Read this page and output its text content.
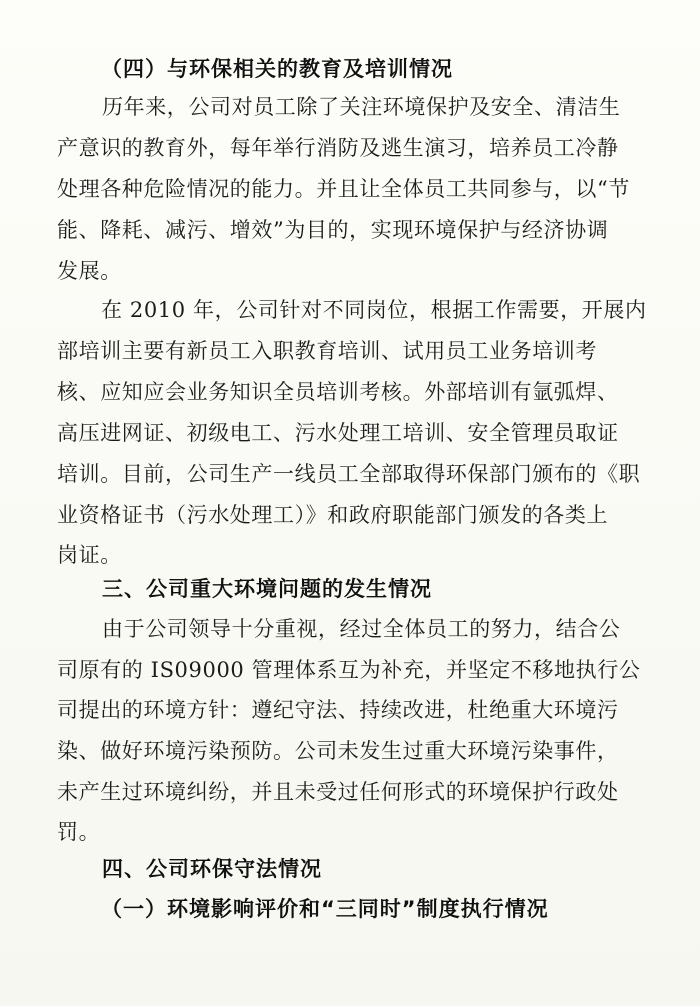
（四）与环保相关的教育及培训情况
历年来，公司对员工除了关注环境保护及安全、清洁生
产意识的教育外，每年举行消防及逃生演习，培养员工冷静
处理各种危险情况的能力。并且让全体员工共同参与，以“节
能、降耗、减污、增效”为目的，实现环境保护与经济协调
发展。
在 2010 年，公司针对不同岗位，根据工作需要，开展内
部培训主要有新员工入职教育培训、试用员工业务培训考
核、应知应会业务知识全员培训考核。外部培训有氩弧焊、
高压进网证、初级电工、污水处理工培训、安全管理员取证
培训。目前，公司生产一线员工全部取得环保部门颁布的《职
业资格证书（污水处理工）》和政府职能部门颁发的各类上
岗证。
三、公司重大环境问题的发生情况
由于公司领导十分重视，经过全体员工的努力，结合公
司原有的 IS09000 管理体系互为补充，并坚定不移地执行公
司提出的环境方针：遵纪守法、持续改进，杜绝重大环境污
染、做好环境污染预防。公司未发生过重大环境污染事件，
未产生过环境纠纷，并且未受过任何形式的环境保护行政处
罚。
四、公司环保守法情况
（一）环境影响评价和“三同时”制度执行情况
